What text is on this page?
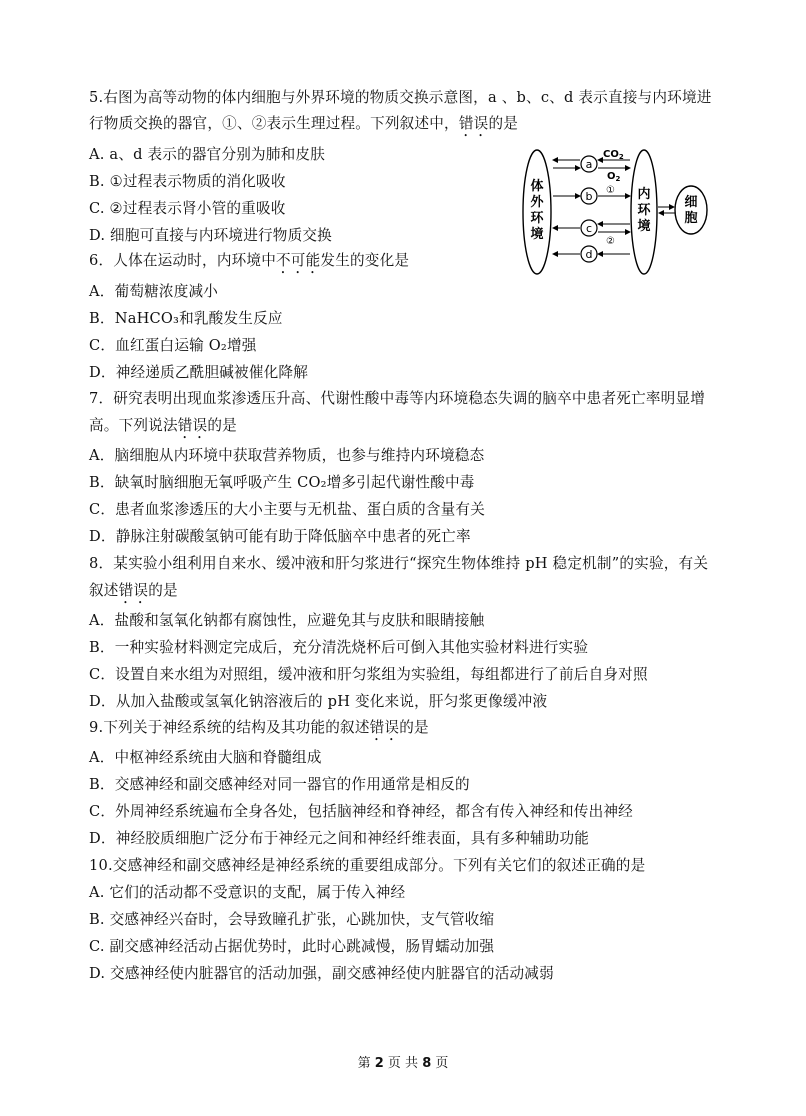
5.右图为高等动物的体内细胞与外界环境的物质交换示意图，a 、b、c、d 表示直接与内环境进
行物质交换的器官，①、②表示生理过程。下列叙述中，错误的是
A. a、d 表示的器官分别为肺和皮肤
B. ①过程表示物质的消化吸收
C. ②过程表示肾小管的重吸收
D. 细胞可直接与内环境进行物质交换
6．人体在运动时，内环境中不可能发生的变化是
A．葡萄糖浓度减小
B．NaHCO₃和乳酸发生反应
C．血红蛋白运输 O₂增强
D．神经递质乙酰胆碱被催化降解
7．研究表明出现血浆渗透压升高、代谢性酸中毒等内环境稳态失调的脑卒中患者死亡率明显增
高。下列说法错误的是
A．脑细胞从内环境中获取营养物质，也参与维持内环境稳态
B．缺氧时脑细胞无氧呼吸产生 CO₂增多引起代谢性酸中毒
C．患者血浆渗透压的大小主要与无机盐、蛋白质的含量有关
D．静脉注射碳酸氢钠可能有助于降低脑卒中患者的死亡率
8．某实验小组利用自来水、缓冲液和肝匀浆进行“探究生物体维持 pH 稳定机制”的实验，有关
叙述错误的是
A．盐酸和氢氧化钠都有腐蚀性，应避免其与皮肤和眼睛接触
B．一种实验材料测定完成后，充分清洗烧杯后可倒入其他实验材料进行实验
C．设置自来水组为对照组，缓冲液和肝匀浆组为实验组，每组都进行了前后自身对照
D．从加入盐酸或氢氧化钠溶液后的 pH 变化来说，肝匀浆更像缓冲液
9.下列关于神经系统的结构及其功能的叙述错误的是
A．中枢神经系统由大脑和脊髓组成
B．交感神经和副交感神经对同一器官的作用通常是相反的
C．外周神经系统遍布全身各处，包括脑神经和脊神经，都含有传入神经和传出神经
D．神经胶质细胞广泛分布于神经元之间和神经纤维表面，具有多种辅助功能
10.交感神经和副交感神经是神经系统的重要组成部分。下列有关它们的叙述正确的是
A. 它们的活动都不受意识的支配，属于传入神经
B. 交感神经兴奋时，会导致瞳孔扩张，心跳加快，支气管收缩
C. 副交感神经活动占据优势时，此时心跳减慢，肠胃蠕动加强
D. 交感神经使内脏器官的活动加强，副交感神经使内脏器官的活动减弱
体
外
环
境
内
环
境
细
胞
a
$CO_2$
$O_2$
b ①
c
②
d
第 2 页 共 8 页
